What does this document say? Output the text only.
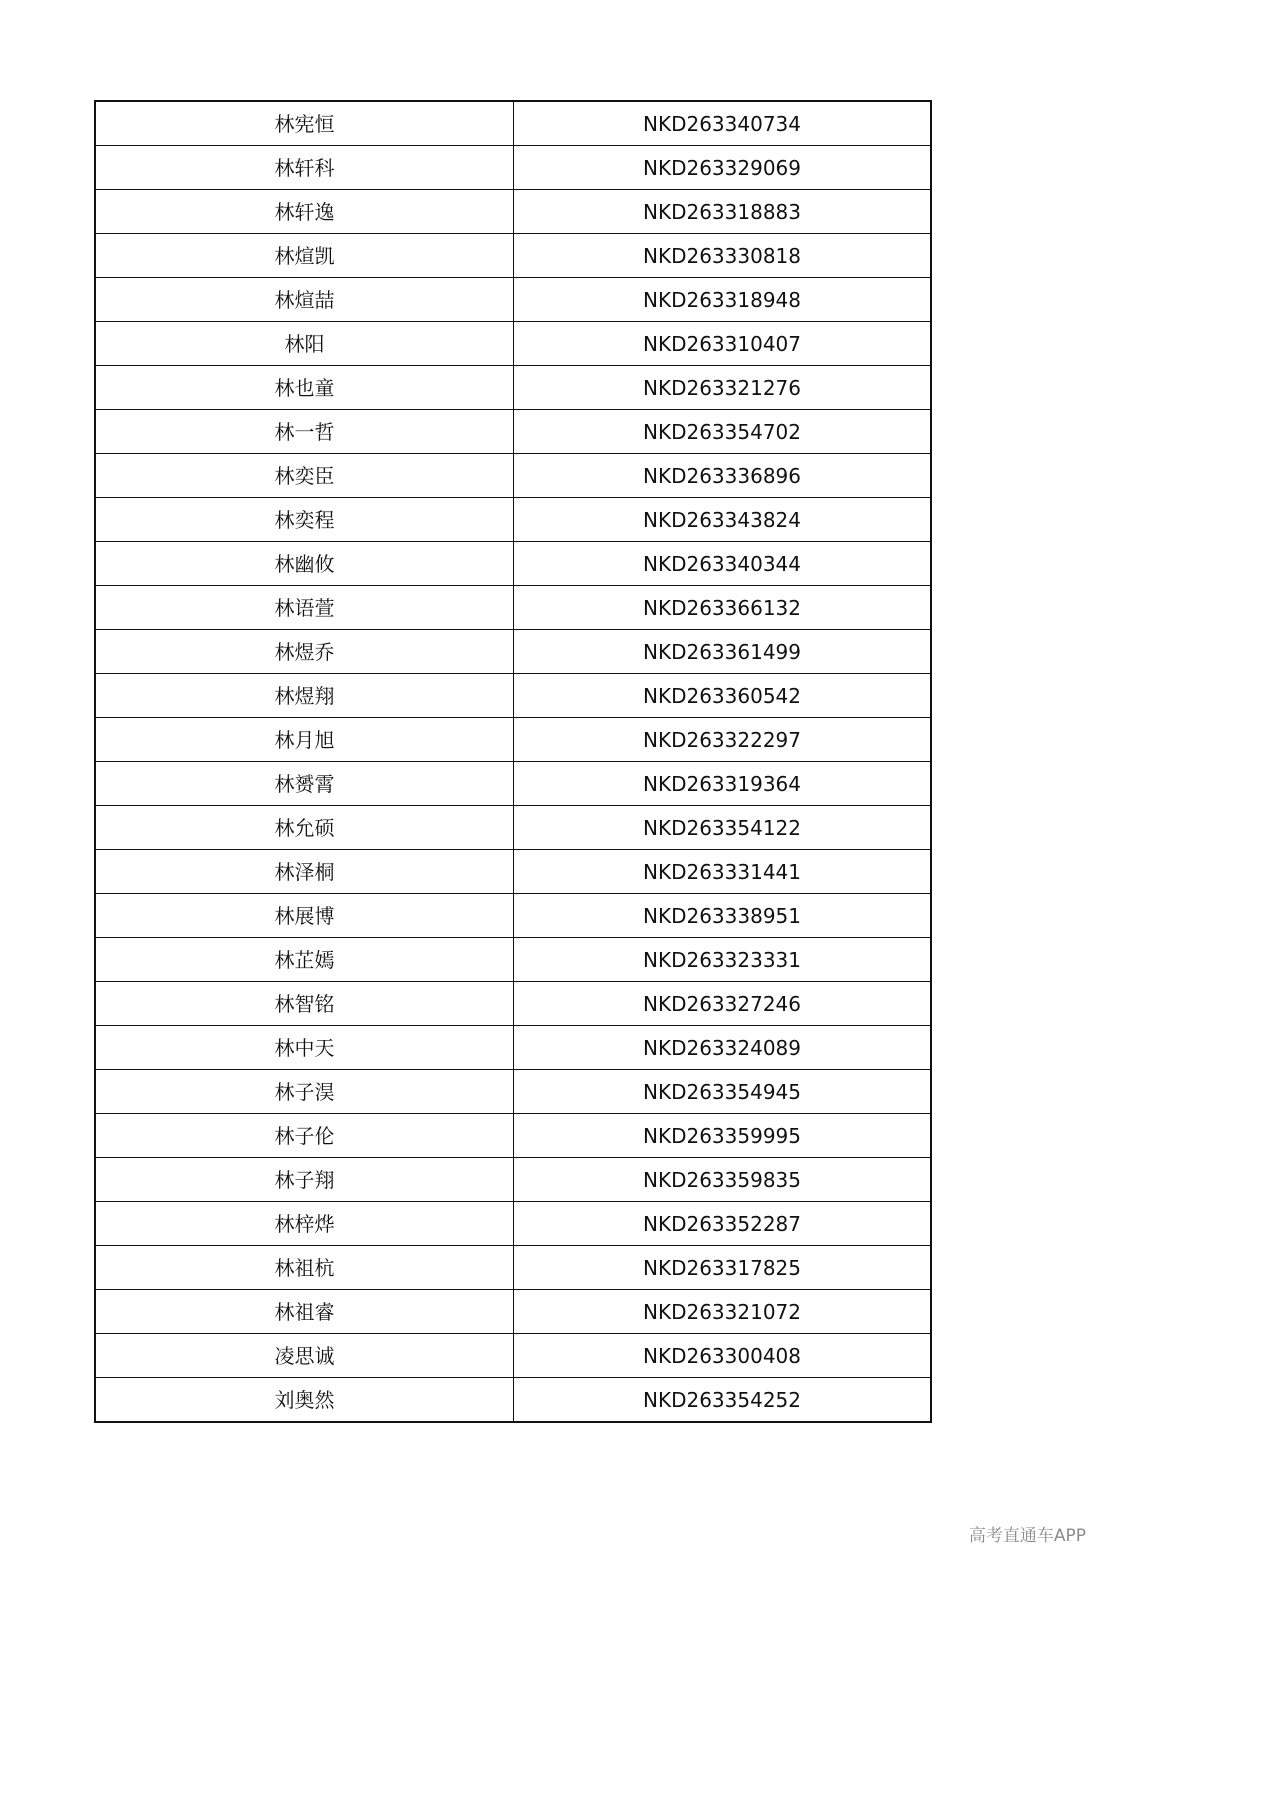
林宪恒	NKD263340734
林轩科	NKD263329069
林轩逸	NKD263318883
林煊凯	NKD263330818
林煊喆	NKD263318948
林阳	NKD263310407
林也童	NKD263321276
林一哲	NKD263354702
林奕臣	NKD263336896
林奕程	NKD263343824
林幽攸	NKD263340344
林语萱	NKD263366132
林煜乔	NKD263361499
林煜翔	NKD263360542
林月旭	NKD263322297
林赟霄	NKD263319364
林允硕	NKD263354122
林泽桐	NKD263331441
林展博	NKD263338951
林芷嫣	NKD263323331
林智铭	NKD263327246
林中天	NKD263324089
林子淏	NKD263354945
林子伦	NKD263359995
林子翔	NKD263359835
林梓烨	NKD263352287
林祖杭	NKD263317825
林祖睿	NKD263321072
凌思诚	NKD263300408
刘奥然	NKD263354252
高考直通车APP
